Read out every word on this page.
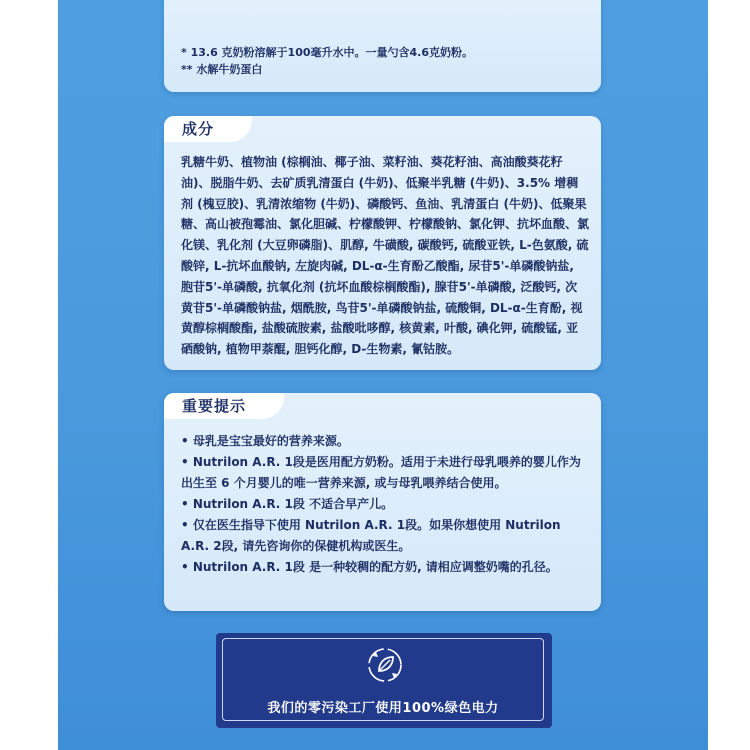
* 13.6 克奶粉溶解于100毫升水中。一量勺含4.6克奶粉。
** 水解牛奶蛋白
成分
乳糖牛奶、植物油 (棕榈油、椰子油、菜籽油、葵花籽油、高油酸葵花籽油)、脱脂牛奶、去矿质乳清蛋白 (牛奶)、低聚半乳糖 (牛奶)、3.5% 增稠剂 (槐豆胶)、乳清浓缩物 (牛奶)、磷酸钙、鱼油、乳清蛋白 (牛奶)、低聚果糖、高山被孢霉油、氯化胆碱、柠檬酸钾、柠檬酸钠、氯化钾、抗坏血酸、氯化镁、乳化剂 (大豆卵磷脂)、肌醇, 牛磺酸, 碳酸钙, 硫酸亚铁, L-色氨酸, 硫酸锌, L-抗坏血酸钠, 左旋肉碱, DL-α-生育酚乙酸酯, 尿苷5'-单磷酸钠盐, 胞苷5'-单磷酸, 抗氧化剂 (抗坏血酸棕榈酸酯), 腺苷5'-单磷酸, 泛酸钙, 次黄苷5'-单磷酸钠盐, 烟酰胺, 鸟苷5'-单磷酸钠盐, 硫酸铜, DL-α-生育酚, 视黄醇棕榈酸酯, 盐酸硫胺素, 盐酸吡哆醇, 核黄素, 叶酸, 碘化钾, 硫酸锰, 亚硒酸钠, 植物甲萘醌, 胆钙化醇, D-生物素, 氰钴胺。
重要提示
• 母乳是宝宝最好的营养来源。
• Nutrilon A.R. 1段是医用配方奶粉。适用于未进行母乳喂养的婴儿作为出生至 6 个月婴儿的唯一营养来源, 或与母乳喂养结合使用。
• Nutrilon A.R. 1段 不适合早产儿。
• 仅在医生指导下使用 Nutrilon A.R. 1段。如果你想使用 Nutrilon A.R. 2段, 请先咨询你的保健机构或医生。
• Nutrilon A.R. 1段 是一种较稠的配方奶, 请相应调整奶嘴的孔径。
我们的零污染工厂使用100%绿色电力
